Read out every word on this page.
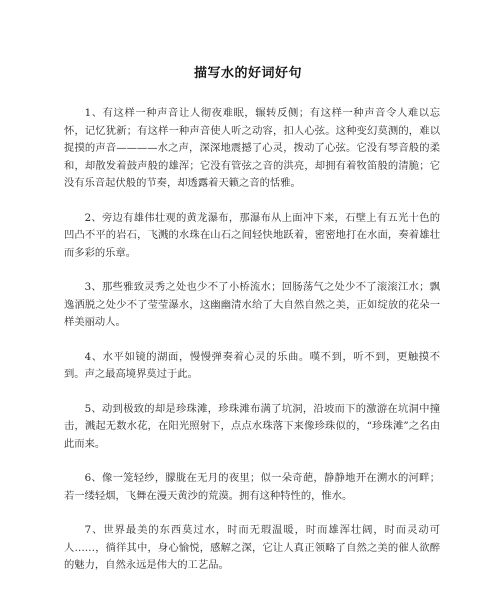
描写水的好词好句

1、有这样一种声音让人彻夜难眠，辗转反侧；有这样一种声音令人难以忘怀，记忆犹新；有这样一种声音使人听之动容，扣人心弦。这种变幻莫测的，难以捉摸的声音————水之声，深深地震撼了心灵，拨动了心弦。它没有琴音般的柔和，却散发着鼓声般的雄浑；它没有管弦之音的洪亮，却拥有着牧笛般的清脆；它没有乐音起伏般的节奏，却透露着天籁之音的恬雅。

2、旁边有雄伟壮观的黄龙瀑布，那瀑布从上面冲下来，石壁上有五光十色的凹凸不平的岩石，飞溅的水珠在山石之间轻快地跃着，密密地打在水面，奏着雄壮而多彩的乐章。

3、那些雅致灵秀之处也少不了小桥流水；回肠荡气之处少不了滚滚江水；飘逸洒脱之处少不了莹莹瀑水，这幽幽清水给了大自然自然之美，正如绽放的花朵一样美丽动人。

4、水平如镜的湖面，慢慢弹奏着心灵的乐曲。嘆不到，听不到，更触摸不到。声之最高境界莫过于此。

5、动到极致的却是珍珠滩，珍珠滩布满了坑洞，沿坡而下的激游在坑洞中撞击，溅起无数水花，在阳光照射下，点点水珠落下来像珍珠似的，“珍珠滩”之名由此而来。

6、像一笼轻纱，朦胧在无月的夜里；似一朵奇葩，静静地开在溯水的河畔；若一缕轻烟，飞舞在漫天黄沙的荒漠。拥有这种特性的，惟水。

7、世界最美的东西莫过水，时而无瑕温暖，时而雄浑壮阔，时而灵动可人……，徜徉其中，身心愉悦，感解之深，它让人真正领略了自然之美的催人欲醉的魅力，自然永远是伟大的工艺品。
